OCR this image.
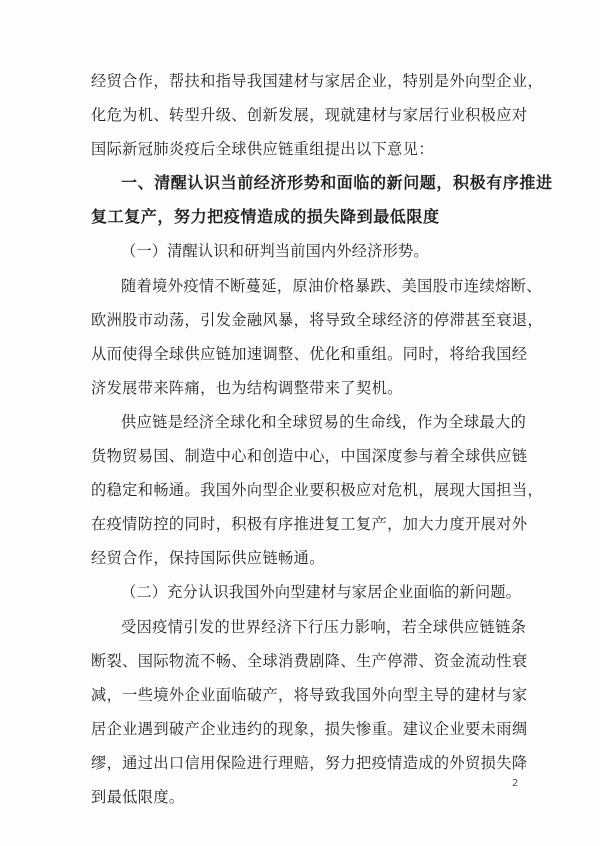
经贸合作，帮扶和指导我国建材与家居企业，特别是外向型企业，
化危为机、转型升级、创新发展，现就建材与家居行业积极应对
国际新冠肺炎疫后全球供应链重组提出以下意见：
一、清醒认识当前经济形势和面临的新问题，积极有序推进
复工复产，努力把疫情造成的损失降到最低限度
（一）清醒认识和研判当前国内外经济形势。
随着境外疫情不断蔓延，原油价格暴跌、美国股市连续熔断、
欧洲股市动荡，引发金融风暴，将导致全球经济的停滞甚至衰退，
从而使得全球供应链加速调整、优化和重组。同时，将给我国经
济发展带来阵痛，也为结构调整带来了契机。
供应链是经济全球化和全球贸易的生命线，作为全球最大的
货物贸易国、制造中心和创造中心，中国深度参与着全球供应链
的稳定和畅通。我国外向型企业要积极应对危机，展现大国担当，
在疫情防控的同时，积极有序推进复工复产，加大力度开展对外
经贸合作，保持国际供应链畅通。
（二）充分认识我国外向型建材与家居企业面临的新问题。
受因疫情引发的世界经济下行压力影响，若全球供应链链条
断裂、国际物流不畅、全球消费剧降、生产停滞、资金流动性衰
减，一些境外企业面临破产，将导致我国外向型主导的建材与家
居企业遇到破产企业违约的现象，损失惨重。建议企业要未雨绸
缪，通过出口信用保险进行理赔，努力把疫情造成的外贸损失降
到最低限度。
2
